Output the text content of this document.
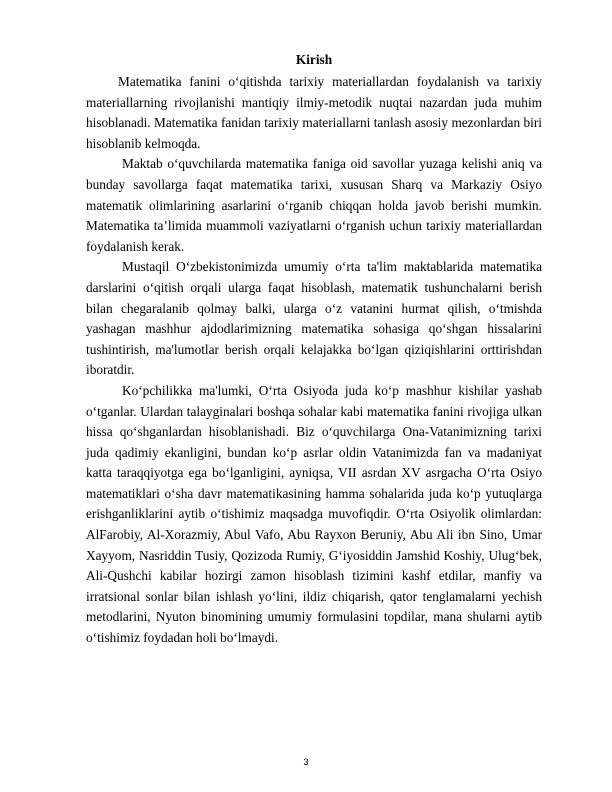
Kirish

Matematika fanini o‘qitishda tarixiy materiallardan foydalanish va tarixiy materiallarning rivojlanishi mantiqiy ilmiy-metodik nuqtai nazardan juda muhim hisoblanadi. Matematika fanidan tarixiy materiallarni tanlash asosiy mezonlardan biri hisoblanib kelmoqda.

Maktab o‘quvchilarda matematika faniga oid savollar yuzaga kelishi aniq va bunday savollarga faqat matematika tarixi, xususan Sharq va Markaziy Osiyo matematik olimlarining asarlarini o‘rganib chiqqan holda javob berishi mumkin. Matematika ta’limida muammoli vaziyatlarni o‘rganish uchun tarixiy materiallardan foydalanish kerak.

Mustaqil O‘zbekistonimizda umumiy o‘rta ta'lim maktablarida matematika darslarini o‘qitish orqali ularga faqat hisoblash, matematik tushunchalarni berish bilan chegaralanib qolmay balki, ularga o‘z vatanini hurmat qilish, o‘tmishda yashagan mashhur ajdodlarimizning matematika sohasiga qo‘shgan hissalarini tushintirish, ma'lumotlar berish orqali kelajakka bo‘lgan qiziqishlarini orttirishdan iboratdir.

Ko‘pchilikka ma'lumki, O‘rta Osiyoda juda ko‘p mashhur kishilar yashab o‘tganlar. Ulardan talayginalari boshqa sohalar kabi matematika fanini rivojiga ulkan hissa qo‘shganlardan hisoblanishadi. Biz o‘quvchilarga Ona-Vatanimizning tarixi juda qadimiy ekanligini, bundan ko‘p asrlar oldin Vatanimizda fan va madaniyat katta taraqqiyotga ega bo‘lganligini, ayniqsa, VII asrdan XV asrgacha O‘rta Osiyo matematiklari o‘sha davr matematikasining hamma sohalarida juda ko‘p yutuqlarga erishganliklarini aytib o‘tishimiz maqsadga muvofiqdir. O‘rta Osiyolik olimlardan: AlFarobiy, Al-Xorazmiy, Abul Vafo, Abu Rayxon Beruniy, Abu Ali ibn Sino, Umar Xayyom, Nasriddin Tusiy, Qozizoda Rumiy, G‘iyosiddin Jamshid Koshiy, Ulug‘bek, Ali-Qushchi kabilar hozirgi zamon hisoblash tizimini kashf etdilar, manfiy va irratsional sonlar bilan ishlash yo‘lini, ildiz chiqarish, qator tenglamalarni yechish metodlarini, Nyuton binomining umumiy formulasini topdilar, mana shularni aytib o‘tishimiz foydadan holi bo‘lmaydi.

3
